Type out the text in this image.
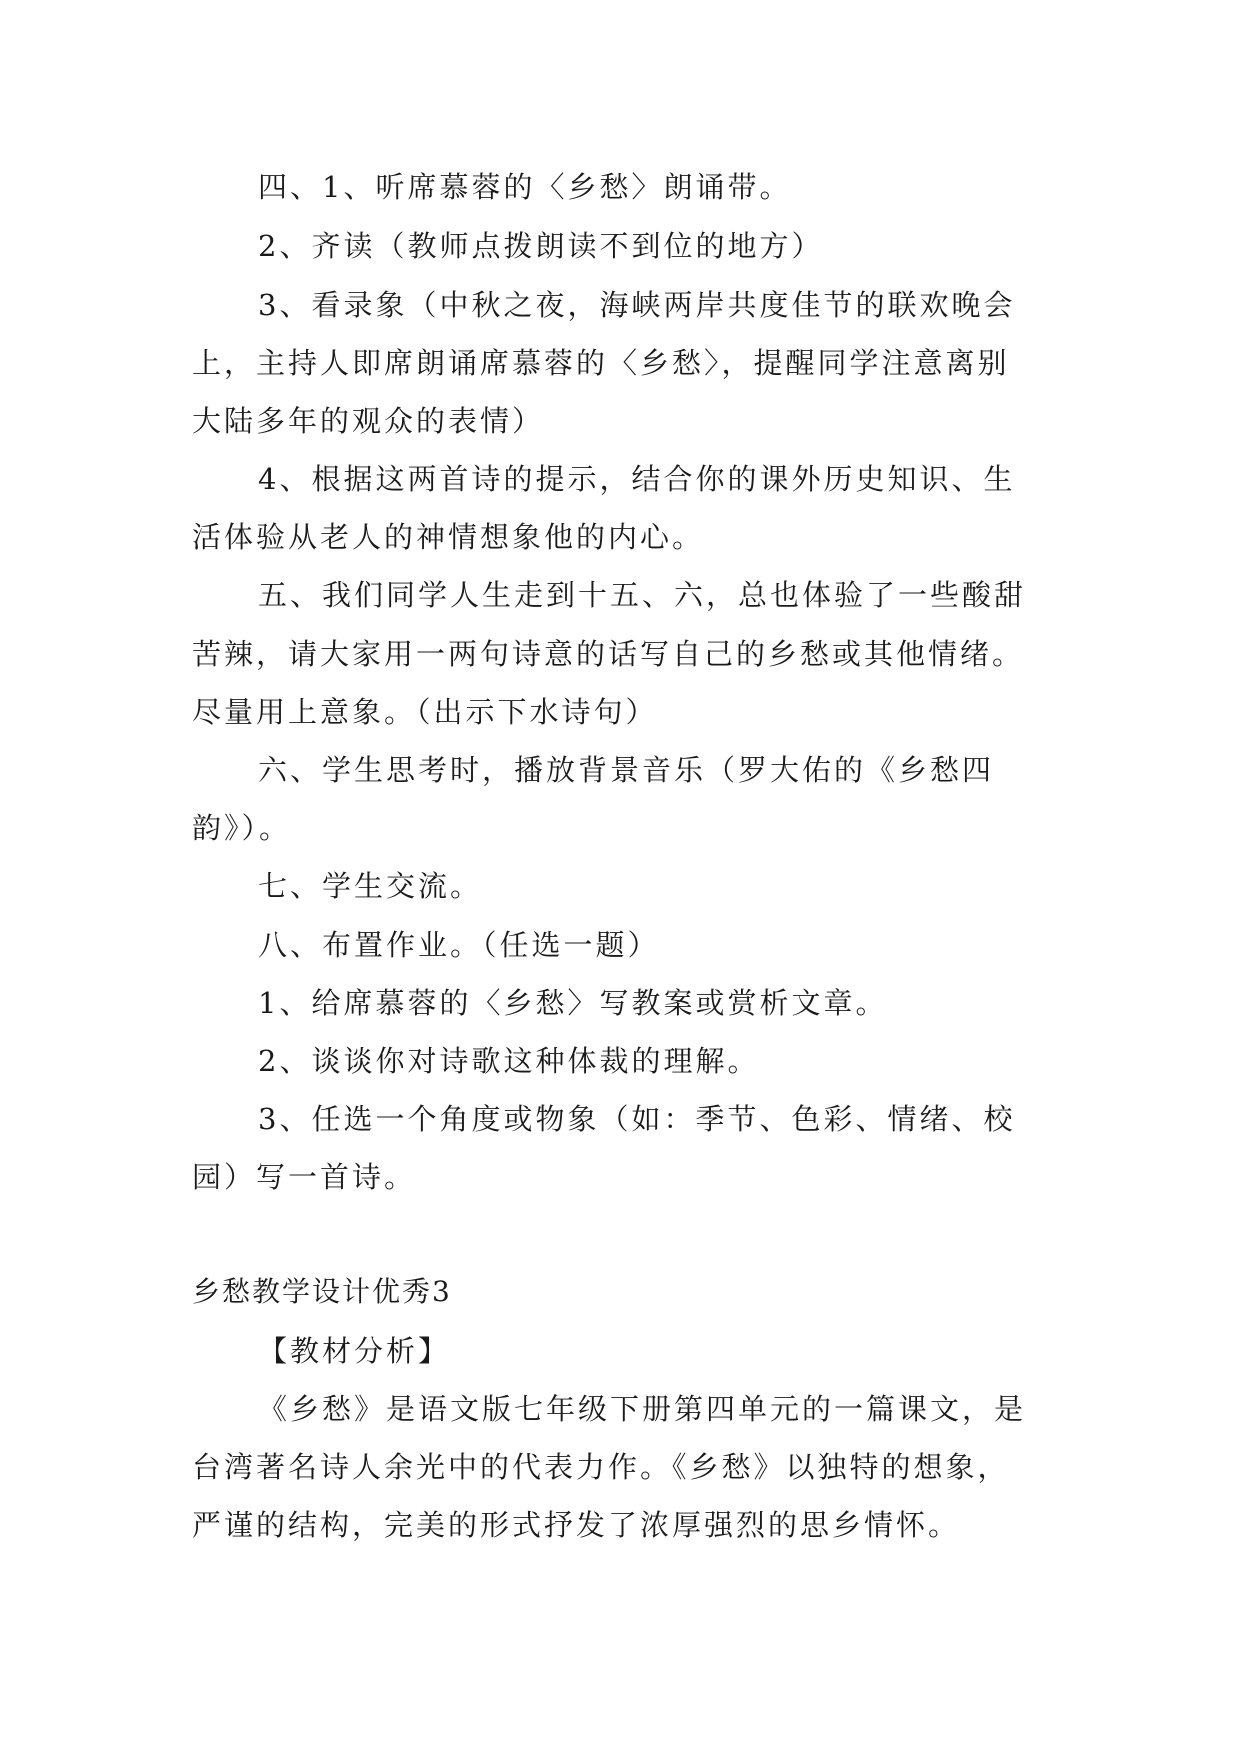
四、1、听席慕蓉的〈乡愁〉朗诵带。
2、齐读（教师点拨朗读不到位的地方）
3、看录象（中秋之夜，海峡两岸共度佳节的联欢晚会
上，主持人即席朗诵席慕蓉的〈乡愁〉，提醒同学注意离别
大陆多年的观众的表情）
4、根据这两首诗的提示，结合你的课外历史知识、生
活体验从老人的神情想象他的内心。
五、我们同学人生走到十五、六，总也体验了一些酸甜
苦辣，请大家用一两句诗意的话写自己的乡愁或其他情绪。
尽量用上意象。（出示下水诗句）
六、学生思考时，播放背景音乐（罗大佑的《乡愁四
韵》）。
七、学生交流。
八、布置作业。（任选一题）
1、给席慕蓉的〈乡愁〉写教案或赏析文章。
2、谈谈你对诗歌这种体裁的理解。
3、任选一个角度或物象（如：季节、色彩、情绪、校
园）写一首诗。
乡愁教学设计优秀3
【教材分析】
《乡愁》是语文版七年级下册第四单元的一篇课文，是
台湾著名诗人余光中的代表力作。《乡愁》以独特的想象，
严谨的结构，完美的形式抒发了浓厚强烈的思乡情怀。
